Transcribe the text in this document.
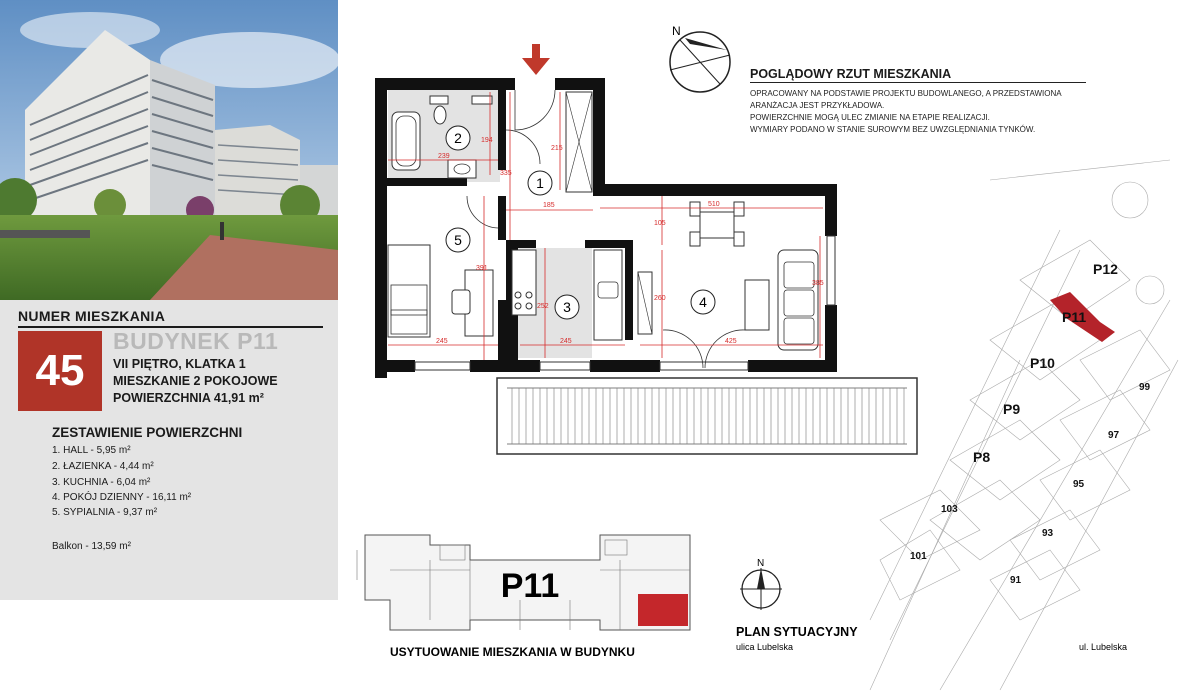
NUMER MIESZKANIA
45
BUDYNEK P11
VII PIĘTRO, KLATKA 1
MIESZKANIE 2 POKOJOWE
POWIERZCHNIA 41,91 m²
ZESTAWIENIE POWIERZCHNI
1. HALL - 5,95 m²
2. ŁAZIENKA - 4,44 m²
3. KUCHNIA - 6,04 m²
4. POKÓJ DZIENNY - 16,11 m²
5. SYPIALNIA - 9,37 m²
Balkon - 13,59 m²
POGLĄDOWY RZUT MIESZKANIA
OPRACOWANY NA PODSTAWIE PROJEKTU BUDOWLANEGO, A PRZEDSTAWIONA
ARANŻACJA JEST PRZYKŁADOWA.
POWIERZCHNIE MOGĄ ULEC ZMIANIE NA ETAPIE REALIZACJI.
WYMIARY PODANO W STANIE SUROWYM BEZ UWZGLĘDNIANIA TYNKÓW.
N
239
194
215
335
185	510
105
391
252
260
385
245	245	425
1
2
3	4
5
P11
P12
P11
P10
P9
P8
99
97
95
93
91
103
101
N
USYTUOWANIE MIESZKANIA W BUDYNKU
PLAN SYTUACYJNY
ulica Lubelska	ul. Lubelska
